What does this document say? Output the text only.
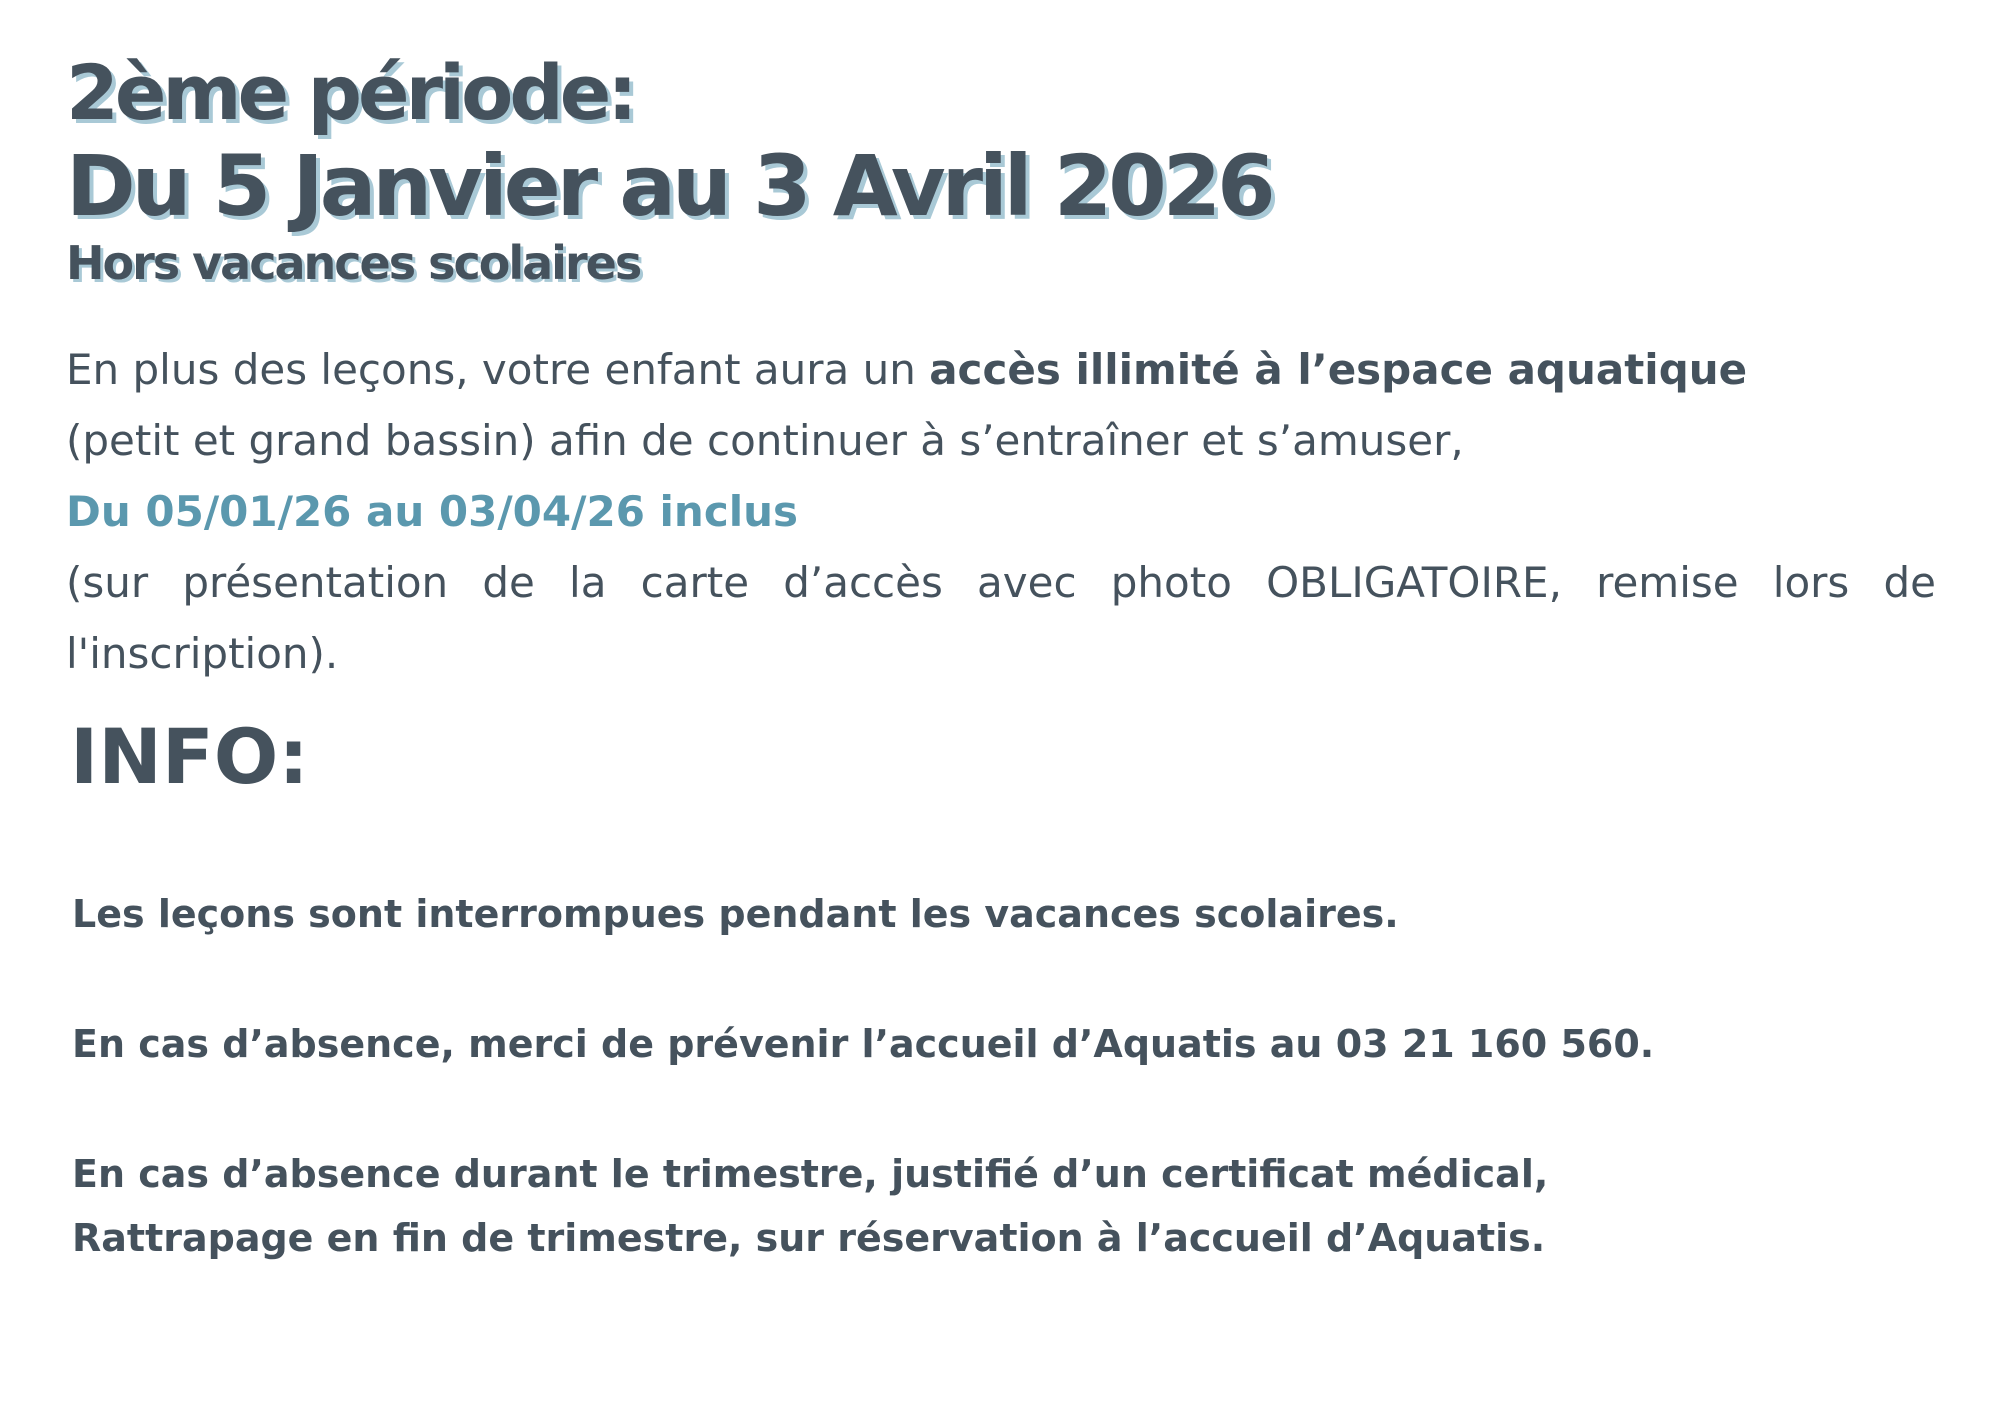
2ème période:
Du 5 Janvier au 3 Avril 2026
Hors vacances scolaires
En plus des leçons, votre enfant aura un accès illimité à l’espace aquatique
(petit et grand bassin) afin de continuer à s’entraîner et s’amuser,
Du 05/01/26 au 03/04/26 inclus
(sur présentation de la carte d’accès avec photo OBLIGATOIRE, remise lors de
l'inscription).
INFO:
Les leçons sont interrompues pendant les vacances scolaires.
En cas d’absence, merci de prévenir l’accueil d’Aquatis au 03 21 160 560.
En cas d’absence durant le trimestre, justifié d’un certificat médical,
Rattrapage en fin de trimestre, sur réservation à l’accueil d’Aquatis.
